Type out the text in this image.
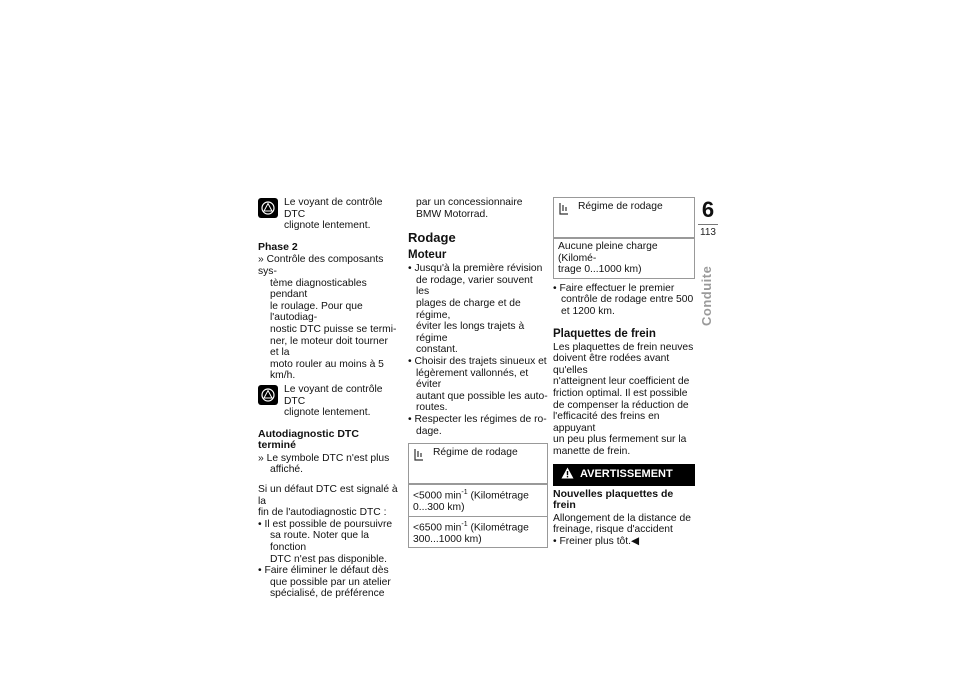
Le voyant de contrôle DTC

clignote lentement.

Phase 2

» Contrôle des composants sys-

tème diagnosticables pendant

le roulage. Pour que l'autodiag-

nostic DTC puisse se termi-

ner, le moteur doit tourner et la

moto rouler au moins à 5 km/h.

Le voyant de contrôle DTC

clignote lentement.

Autodiagnostic DTC terminé

» Le symbole DTC n'est plus

affiché.

Si un défaut DTC est signalé à la

fin de l'autodiagnostic DTC :

• Il est possible de poursuivre

sa route. Noter que la fonction

DTC n'est pas disponible.

• Faire éliminer le défaut dès

que possible par un atelier

spécialisé, de préférence

par un concessionnaire

BMW Motorrad.

Rodage
Moteur

• Jusqu'à la première révision

de rodage, varier souvent les

plages de charge et de régime,

éviter les longs trajets à régime

constant.

• Choisir des trajets sinueux et

légèrement vallonnés, et éviter

autant que possible les auto-

routes.

• Respecter les régimes de ro-

dage.

Régime de rodage
<5000 $\min^{-1}$ (Kilométrage
0...300 km)
<6500 $\min^{-1}$ (Kilométrage
300...1000 km)
Régime de rodage
Aucune pleine charge (Kilomé-
trage 0...1000 km)

• Faire effectuer le premier

contrôle de rodage entre 500

et 1200 km.

Plaquettes de frein

Les plaquettes de frein neuves

doivent être rodées avant qu'elles

n'atteignent leur coefficient de

friction optimal. Il est possible

de compenser la réduction de

l'efficacité des freins en appuyant

un peu plus fermement sur la

manette de frein.

AVERTISSEMENT
Nouvelles plaquettes de frein

Allongement de la distance de

freinage, risque d'accident

• Freiner plus tôt.◀

6
113
Conduite
